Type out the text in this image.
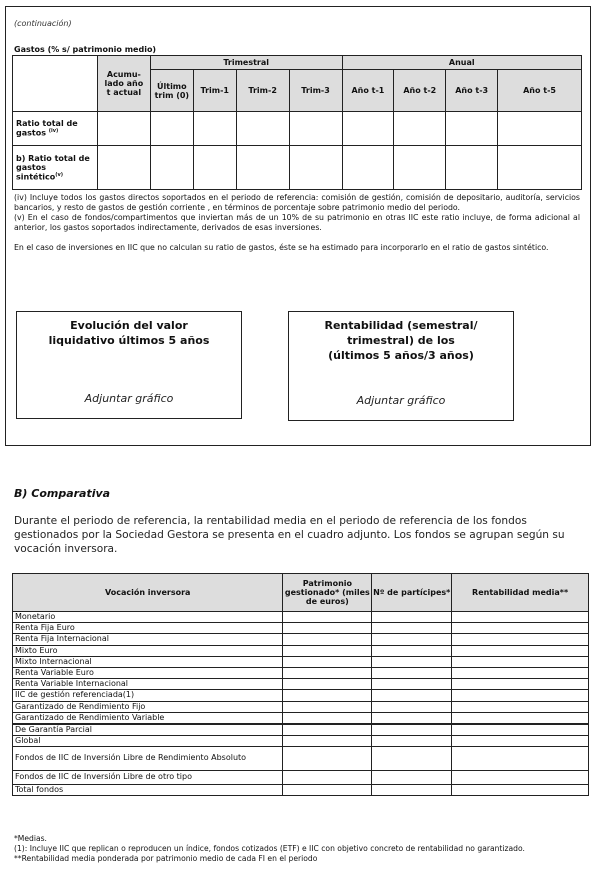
(continuación)
Gastos (% s/ patrimonio medio)
	Acumu-lado año t actual	Trimestral				Anual			
		Último trim (0)	Trim-1	Trim-2	Trim-3	Año t-1	Año t-2	Año t-3	Año t-5
Ratio total de gastos $^{(iv)}$									
b) Ratio total de gastos sintético$^{(v)}$									

(iv) Incluye todos los gastos directos soportados en el periodo de referencia: comisión de gestión, comisión de depositario, auditoría, servicios bancarios, y resto de gastos de gestión corriente , en términos de porcentaje sobre patrimonio medio del periodo.

(v) En el caso de fondos/compartimentos que inviertan más de un 10% de su patrimonio en otras IIC este ratio incluye, de forma adicional al anterior, los gastos soportados indirectamente, derivados de esas inversiones.

En el caso de inversiones en IIC que no calculan su ratio de gastos, éste se ha estimado para incorporarlo en el ratio de gastos sintético.

Evolución del valor liquidativo últimos 5 años
Adjuntar gráfico
Rentabilidad (semestral/ trimestral) de los
(últimos 5 años/3 años)
Adjuntar gráfico
B) Comparativa
Durante el periodo de referencia, la rentabilidad media en el periodo de referencia de los fondos gestionados por la Sociedad Gestora se presenta en el cuadro adjunto. Los fondos se agrupan según su vocación inversora.
Vocación inversora	Patrimonio gestionado* (miles de euros)	Nº de partícipes*	Rentabilidad media**
Monetario			
Renta Fija Euro			
Renta Fija Internacional			
Mixto Euro			
Mixto Internacional			
Renta Variable Euro			
Renta Variable Internacional			
IIC de gestión referenciada(1)			
Garantizado de Rendimiento Fijo			
Garantizado de Rendimiento Variable			
De Garantía Parcial			
Global			
Fondos de IIC de Inversión Libre de Rendimiento Absoluto			
Fondos de IIC de Inversión Libre de otro tipo			
Total fondos			
*Medias.
(1): Incluye IIC que replican o reproducen un índice, fondos cotizados (ETF) e IIC con objetivo concreto de rentabilidad no garantizado.
**Rentabilidad media ponderada por patrimonio medio de cada FI en el periodo
